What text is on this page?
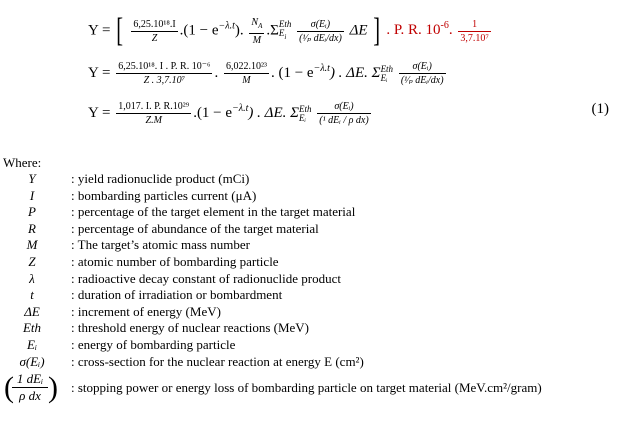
Y = [ $\frac{\text{6,25.10¹⁸.I}}{Z} .(1 - e^{-\lambda.t})$. $\frac{N_A}{M} .\Sigma$ Eth
$E_i$
	$\frac{\text{σ(Eᵢ)}}{\text{(¹⁄ₚ dEᵢ/dx)}}$ ΔE ] . P. R. $10^{-6}$. $\frac{1}{\text{3,7.10⁷}}$
$Y = \frac{\text{6,25.10¹⁸. I . P. R. 10⁻⁶}}{\text{Z . 3,7.10⁷}}$ . $\frac{\text{6,022.10²³}}{M}$ . $(1 - e^{-\lambda.t})$ . ΔE. Σ Eth
Eᵢ
	$\frac{\text{σ(Eᵢ)}}{\text{(¹⁄ₚ dEᵢ/dx)}}$
$Y = \frac{\text{1,017. I. P. R.10²⁹}}{Z.M} .(1 - e^{-\lambda.t})$ . ΔE. Σ Eth
Eᵢ
	$\frac{\text{σ(Eᵢ)}}{\text{(¹ dEᵢ / ρ dx)}}$	(1)
Where:
Y	: yield radionuclide product (mCi)
I	: bombarding particles current (μA)
P	: percentage of the target element in the target material
R	: percentage of abundance of the target material
M	: The target’s atomic mass number
Z	: atomic number of bombarding particle
λ	: radioactive decay constant of radionuclide product
t	: duration of irradiation or bombardment
ΔE	: increment of energy (MeV)
Eth	: threshold energy of nuclear reactions (MeV)
Eᵢ	: energy of bombarding particle
σ(Eᵢ)	: cross-section for the nuclear reaction at energy E (cm²)
( 1 dEᵢ
ρ dx ) : stopping power or energy loss of bombarding particle on target material (MeV.cm²/gram)
